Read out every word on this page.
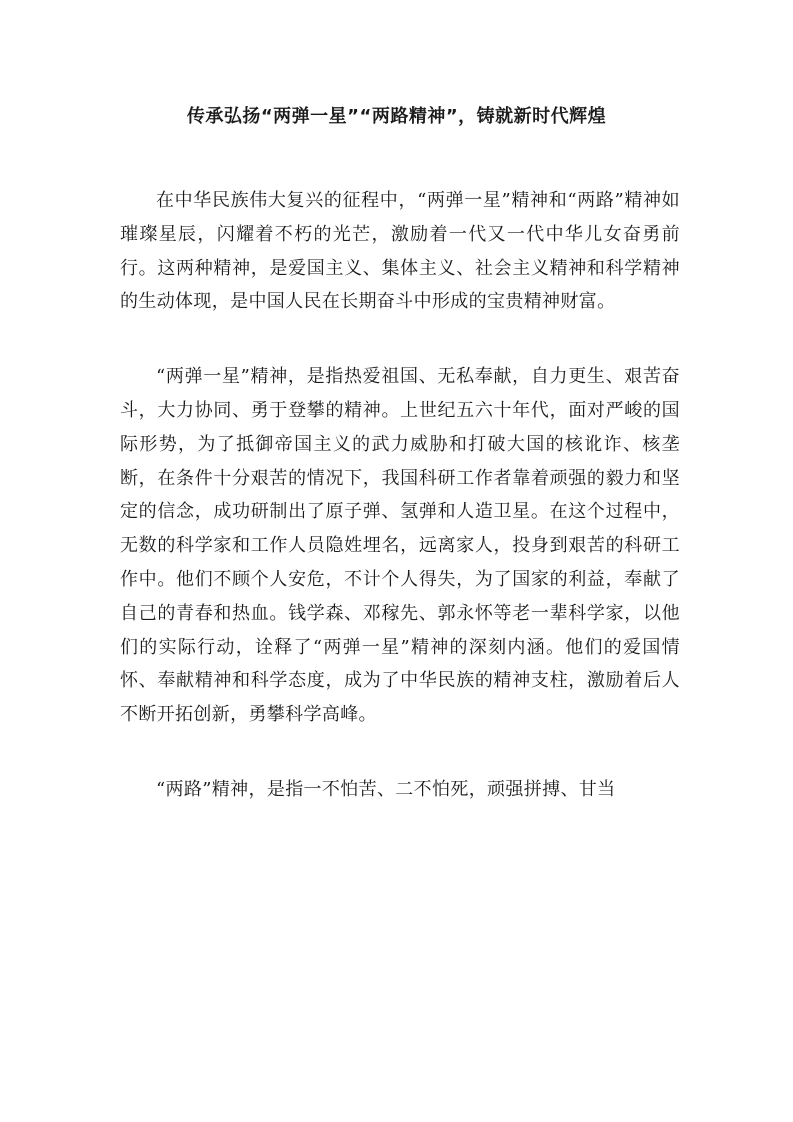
传承弘扬“两弹一星”“两路精神”，铸就新时代辉煌

在中华民族伟大复兴的征程中，“两弹一星”精神和“两路”精神如璀璨星辰，闪耀着不朽的光芒，激励着一代又一代中华儿女奋勇前行。这两种精神，是爱国主义、集体主义、社会主义精神和科学精神的生动体现，是中国人民在长期奋斗中形成的宝贵精神财富。

“两弹一星”精神，是指热爱祖国、无私奉献，自力更生、艰苦奋斗，大力协同、勇于登攀的精神。上世纪五六十年代，面对严峻的国际形势，为了抵御帝国主义的武力威胁和打破大国的核讹诈、核垄断，在条件十分艰苦的情况下，我国科研工作者靠着顽强的毅力和坚定的信念，成功研制出了原子弹、氢弹和人造卫星。在这个过程中，无数的科学家和工作人员隐姓埋名，远离家人，投身到艰苦的科研工作中。他们不顾个人安危，不计个人得失，为了国家的利益，奉献了自己的青春和热血。钱学森、邓稼先、郭永怀等老一辈科学家，以他们的实际行动，诠释了“两弹一星”精神的深刻内涵。他们的爱国情怀、奉献精神和科学态度，成为了中华民族的精神支柱，激励着后人不断开拓创新，勇攀科学高峰。

“两路”精神，是指一不怕苦、二不怕死，顽强拼搏、甘当
